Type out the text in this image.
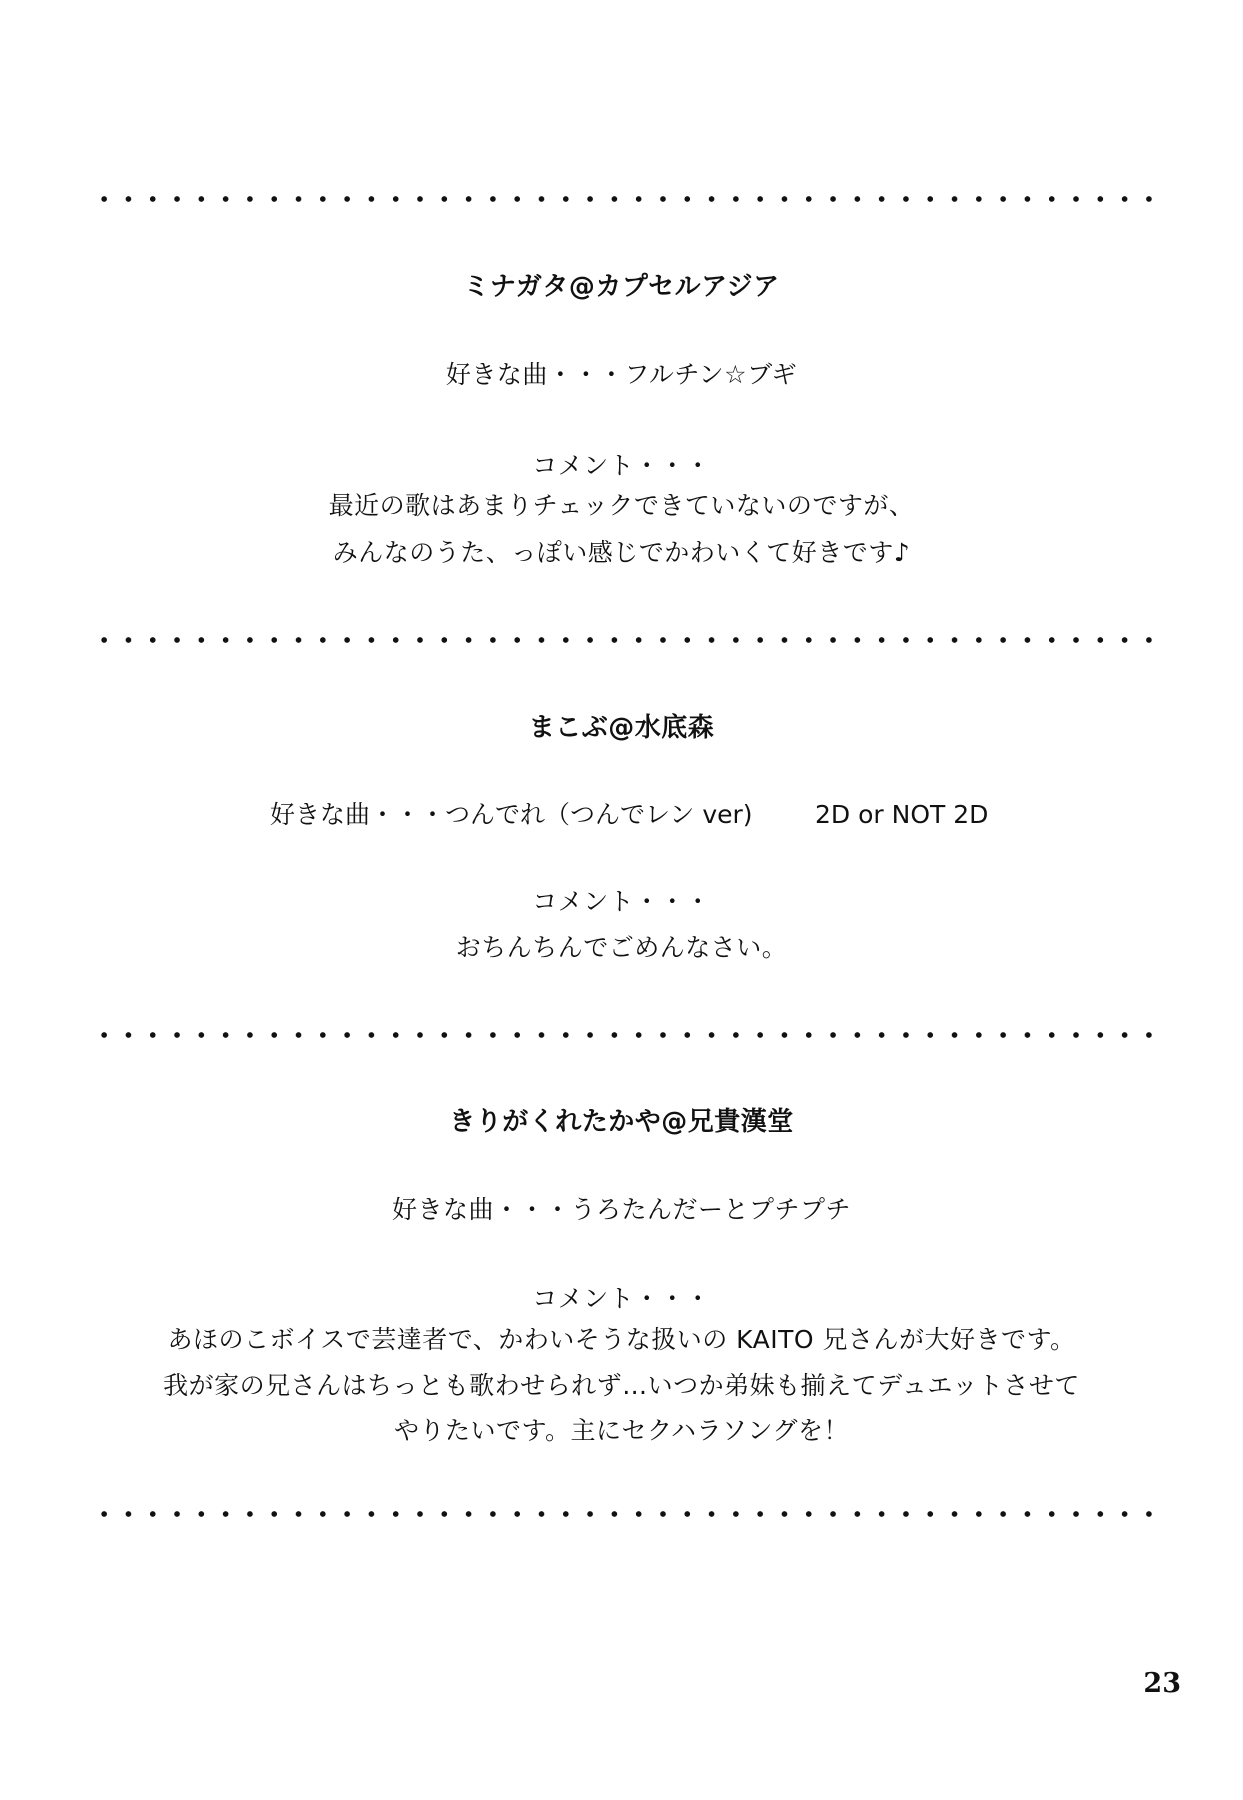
ミナガタ@カプセルアジア
好きな曲・・・フルチン☆ブギ
コメント・・・
最近の歌はあまりチェックできていないのですが、
みんなのうた、っぽい感じでかわいくて好きです♪
まこぶ@水底森
好きな曲・・・つんでれ（つんでレン ver) 2D or NOT 2D
コメント・・・
おちんちんでごめんなさい。
きりがくれたかや@兄貴漢堂
好きな曲・・・うろたんだーとプチプチ
コメント・・・
あほのこボイスで芸達者で、かわいそうな扱いの KAITO 兄さんが大好きです。
我が家の兄さんはちっとも歌わせられず…いつか弟妹も揃えてデュエットさせて
やりたいです。主にセクハラソングを！
23
